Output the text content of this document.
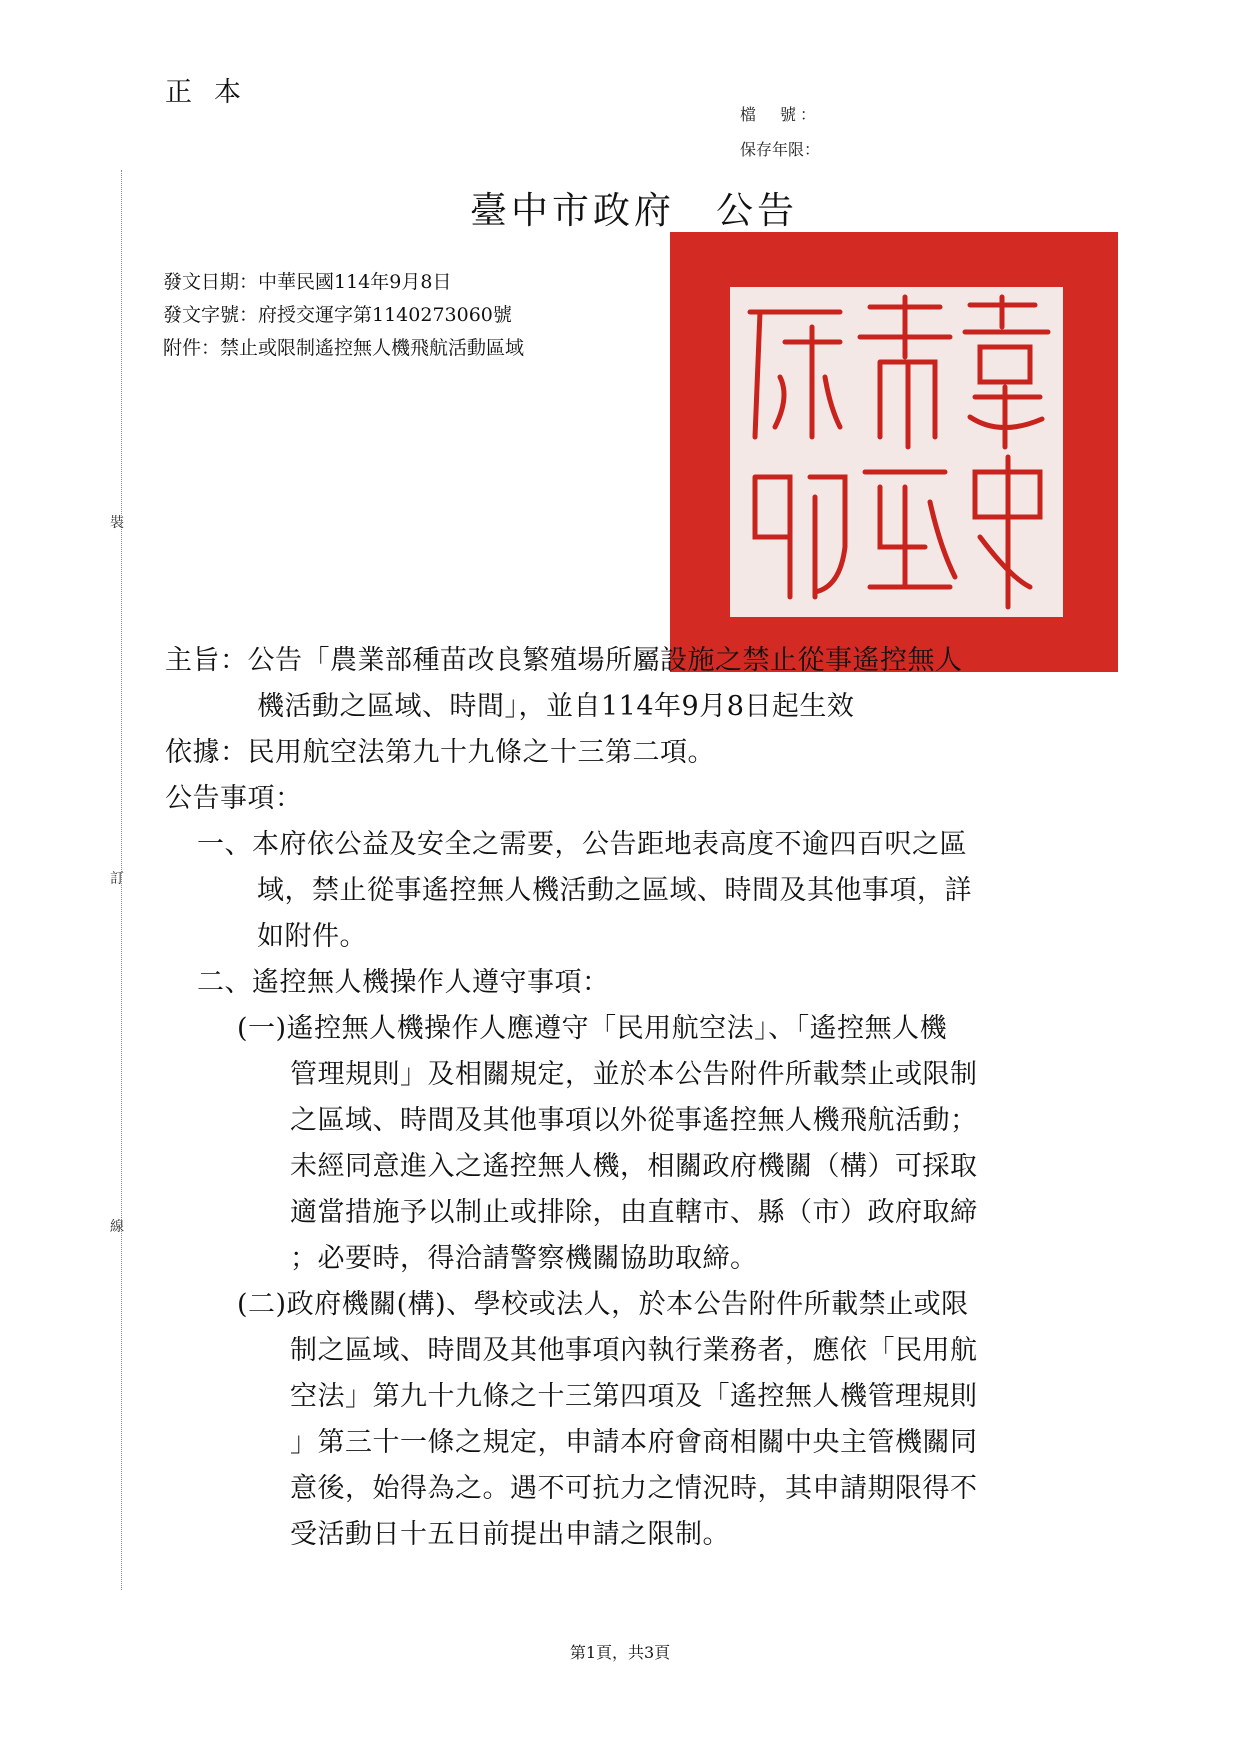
正本
檔　號：
保存年限：
裝
訂
線
臺中市政府　公告
發文日期：中華民國114年9月8日
發文字號：府授交運字第1140273060號
附件：禁止或限制遙控無人機飛航活動區域
主旨：公告「農業部種苗改良繁殖場所屬設施之禁止從事遙控無人
機活動之區域、時間」，並自114年9月8日起生效
依據：民用航空法第九十九條之十三第二項。
公告事項：
一、本府依公益及安全之需要，公告距地表高度不逾四百呎之區
域，禁止從事遙控無人機活動之區域、時間及其他事項，詳
如附件。
二、遙控無人機操作人遵守事項：
(一)遙控無人機操作人應遵守「民用航空法」、「遙控無人機
管理規則」及相關規定，並於本公告附件所載禁止或限制
之區域、時間及其他事項以外從事遙控無人機飛航活動；
未經同意進入之遙控無人機，相關政府機關（構）可採取
適當措施予以制止或排除，由直轄市、縣（市）政府取締
；必要時，得洽請警察機關協助取締。
(二)政府機關(構)、學校或法人，於本公告附件所載禁止或限
制之區域、時間及其他事項內執行業務者，應依「民用航
空法」第九十九條之十三第四項及「遙控無人機管理規則
」第三十一條之規定，申請本府會商相關中央主管機關同
意後，始得為之。遇不可抗力之情況時，其申請期限得不
受活動日十五日前提出申請之限制。
第1頁，共3頁
